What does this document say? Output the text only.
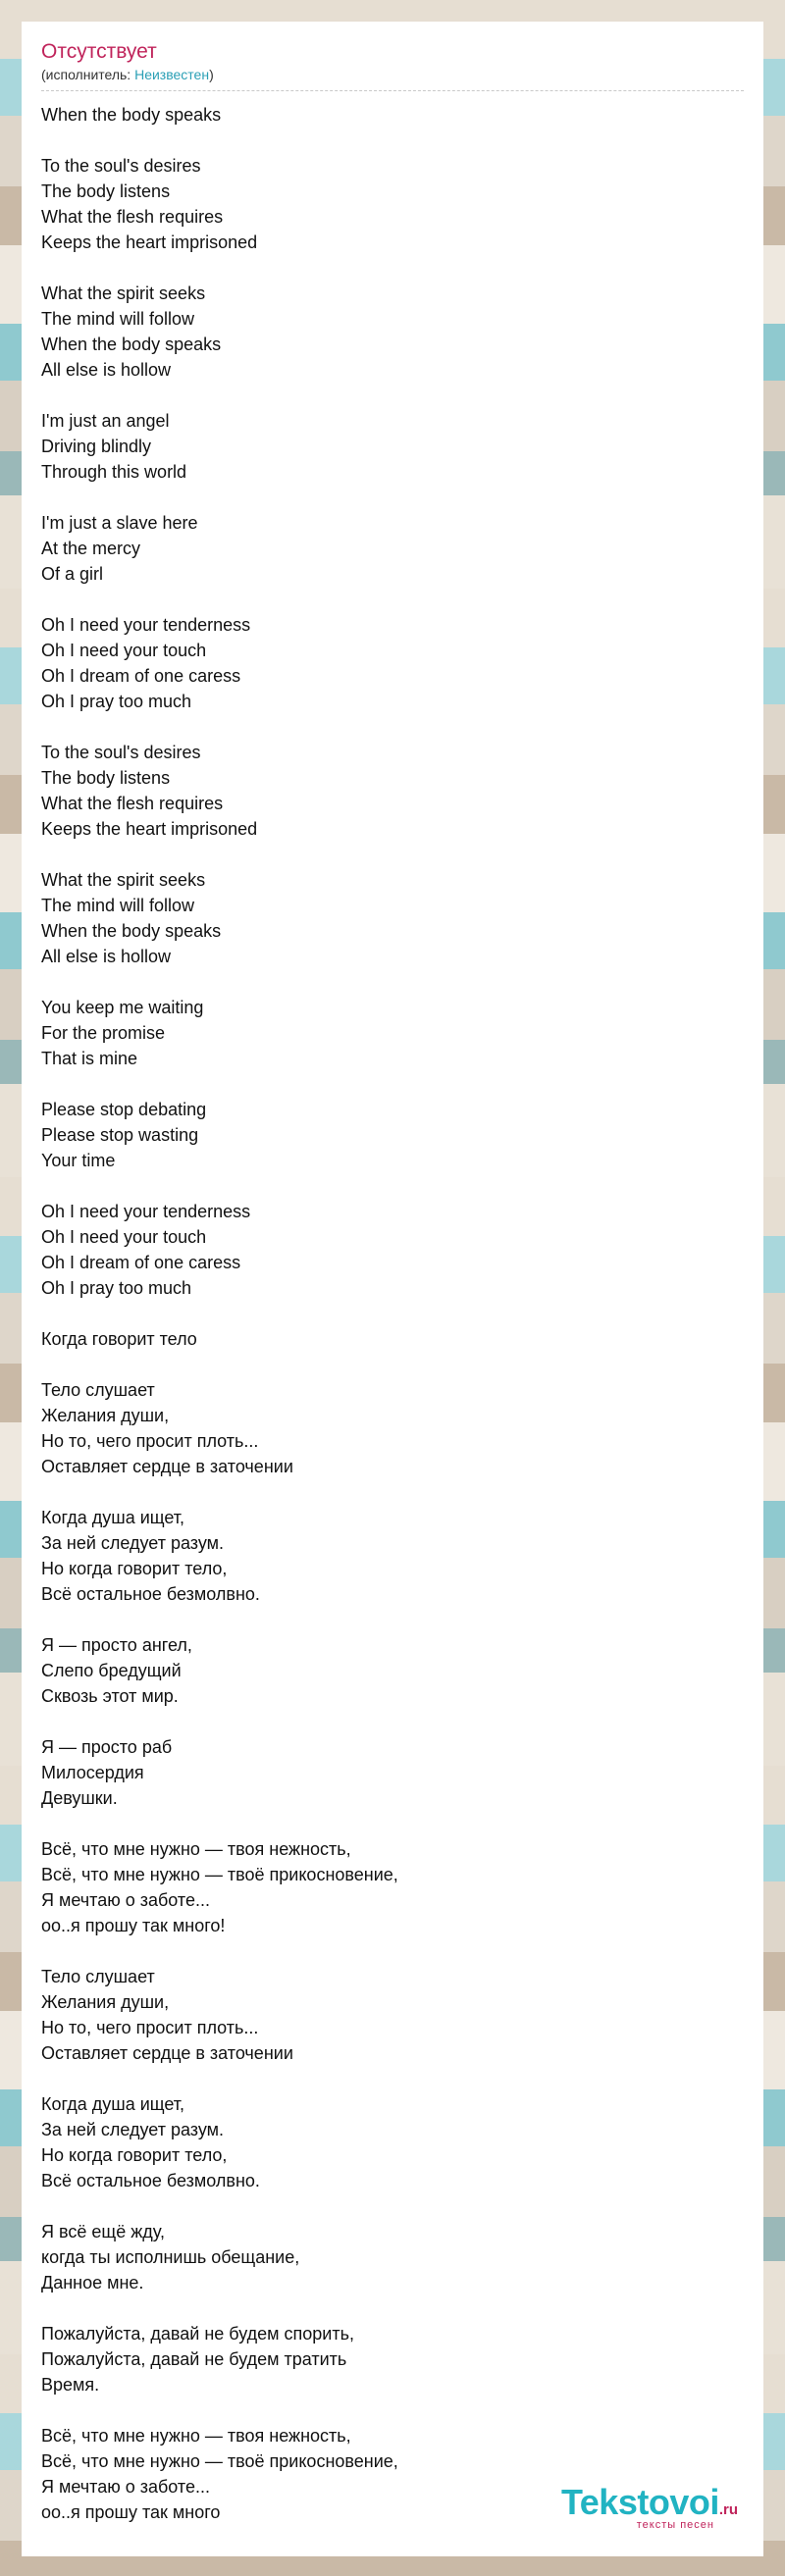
Отсутствует
(исполнитель: Неизвестен)
When the body speaks
To the soul's desires
The body listens
What the flesh requires
Keeps the heart imprisoned
What the spirit seeks
The mind will follow
When the body speaks
All else is hollow
I'm just an angel
Driving blindly
Through this world
I'm just a slave here
At the mercy
Of a girl
Oh I need your tenderness
Oh I need your touch
Oh I dream of one caress
Oh I pray too much
To the soul's desires
The body listens
What the flesh requires
Keeps the heart imprisoned
What the spirit seeks
The mind will follow
When the body speaks
All else is hollow
You keep me waiting
For the promise
That is mine
Please stop debating
Please stop wasting
Your time
Oh I need your tenderness
Oh I need your touch
Oh I dream of one caress
Oh I pray too much
Когда говорит тело
Тело слушает
Желания души,
Но то, чего просит плоть...
Оставляет сердце в заточении
Когда душа ищет,
За ней следует разум.
Но когда говорит тело,
Всё остальное безмолвно.
Я — просто ангел,
Слепо бредущий
Сквозь этот мир.
Я — просто раб
Милосердия
Девушки.
Всё, что мне нужно — твоя нежность,
Всё, что мне нужно — твоё прикосновение,
Я мечтаю о заботе...
оо..я прошу так много!
Тело слушает
Желания души,
Но то, чего просит плоть...
Оставляет сердце в заточении
Когда душа ищет,
За ней следует разум.
Но когда говорит тело,
Всё остальное безмолвно.
Я всё ещё жду,
когда ты исполнишь обещание,
Данное мне.
Пожалуйста, давай не будем спорить,
Пожалуйста, давай не будем тратить
Время.
Всё, что мне нужно — твоя нежность,
Всё, что мне нужно — твоё прикосновение,
Я мечтаю о заботе...
оо..я прошу так много	Tekstovoi.ru
тексты песен
